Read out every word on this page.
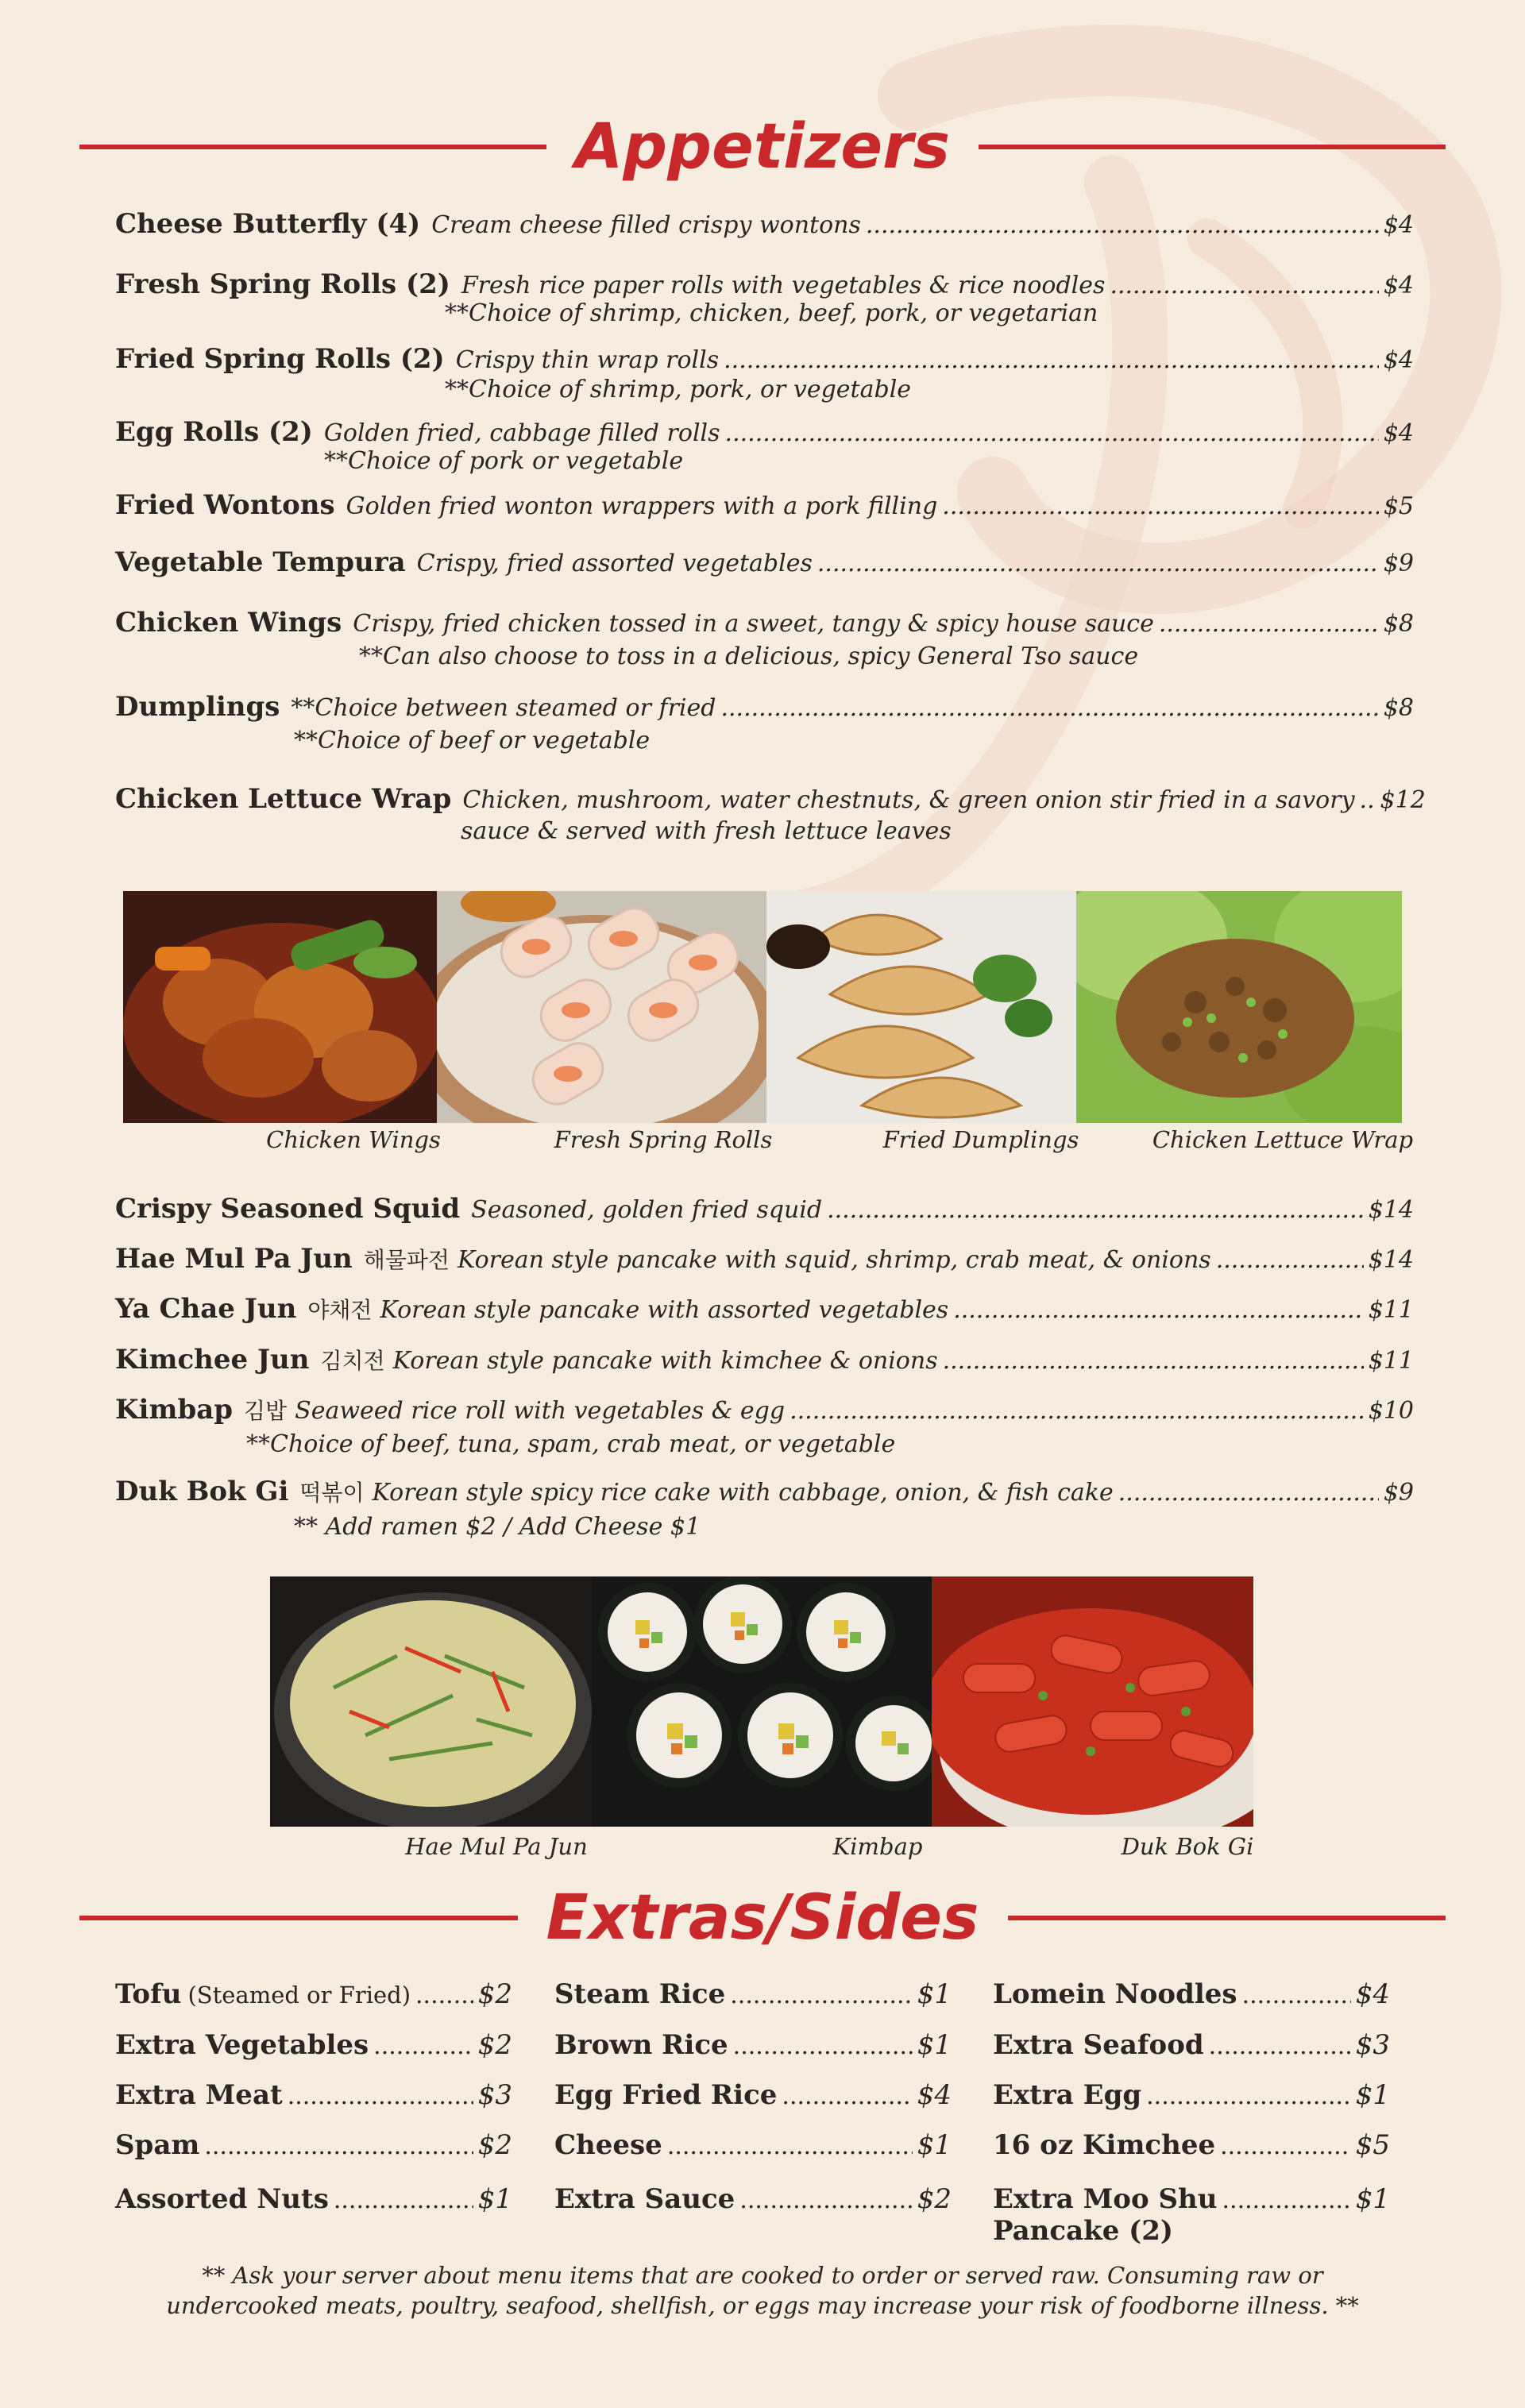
Appetizers
Cheese Butterfly (4) Cream cheese filled crispy wontons .....	$4
Fresh Spring Rolls (2) Fresh rice paper rolls with vegetables & rice noodles .....	$4
**Choice of shrimp, chicken, beef, pork, or vegetarian
Fried Spring Rolls (2) Crispy thin wrap rolls .....	$4
**Choice of shrimp, pork, or vegetable
Egg Rolls (2) Golden fried, cabbage filled rolls .....	$4
**Choice of pork or vegetable
Fried Wontons Golden fried wonton wrappers with a pork filling .....	$5
Vegetable Tempura Crispy, fried assorted vegetables .....	$9
Chicken Wings Crispy, fried chicken tossed in a sweet, tangy & spicy house sauce .....	$8
**Can also choose to toss in a delicious, spicy General Tso sauce
Dumplings **Choice between steamed or fried .....	$8
**Choice of beef or vegetable
Chicken Lettuce Wrap Chicken, mushroom, water chestnuts, & green onion stir fried in a savory ..... $12
sauce & served with fresh lettuce leaves
Chicken Wings	Fresh Spring Rolls	Fried Dumplings	Chicken Lettuce Wrap
Crispy Seasoned Squid Seasoned, golden fried squid .....	$14
Hae Mul Pa Jun 해물파전 Korean style pancake with squid, shrimp, crab meat, & onions .....	$14
Ya Chae Jun 야채전 Korean style pancake with assorted vegetables .....	$11
Kimchee Jun 김치전 Korean style pancake with kimchee & onions .....	$11
Kimbap 김밥 Seaweed rice roll with vegetables & egg .....	$10
**Choice of beef, tuna, spam, crab meat, or vegetable
Duk Bok Gi 떡볶이 Korean style spicy rice cake with cabbage, onion, & fish cake .....	$9
** Add ramen $2 / Add Cheese $1
Hae Mul Pa Jun	Kimbap	Duk Bok Gi
Extras/Sides
Tofu (Steamed or Fried) ..... $2
Extra Vegetables .....	$2
Extra Meat .....	$3
Spam .....	$2
Assorted Nuts .....	$1
Steam Rice .....	$1
Brown Rice .....	$1
Egg Fried Rice .....	$4
Cheese .....	$1
Extra Sauce .....	$2
Lomein Noodles .....	$4
Extra Seafood .....	$3
Extra Egg .....	$1
16 oz Kimchee .....	$5
Extra Moo Shu .....	$1
Pancake (2)
** Ask your server about menu items that are cooked to order or served raw. Consuming raw or undercooked meats, poultry, seafood, shellfish, or eggs may increase your risk of foodborne illness. **
